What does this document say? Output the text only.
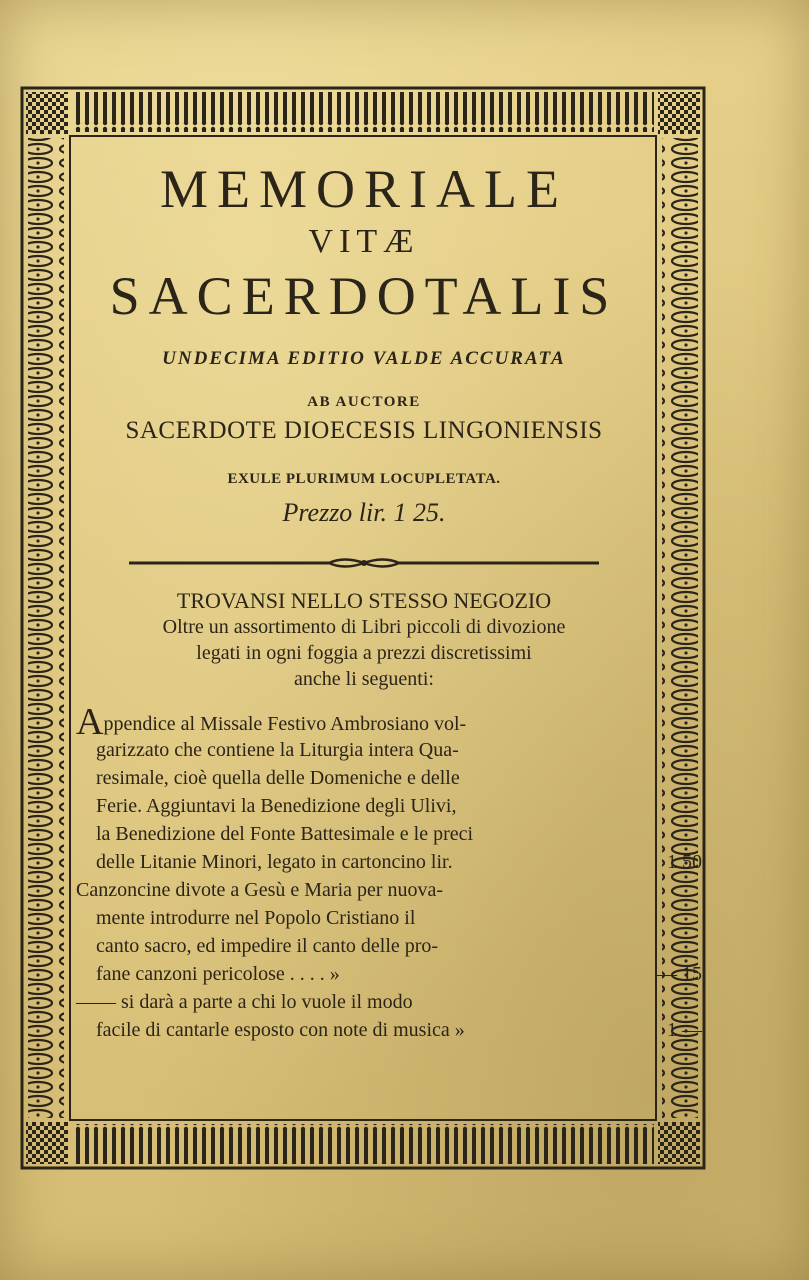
MEMORIALE
VITÆ
SACERDOTALIS
UNDECIMA EDITIO VALDE ACCURATA
AB AUCTORE
SACERDOTE DIOECESIS LINGONIENSIS
EXULE PLURIMUM LOCUPLETATA.
Prezzo lir. 1 25.
TROVANSI NELLO STESSO NEGOZIO
Oltre un assortimento di Libri piccoli di divozione
legati in ogni foggia a prezzi discretissimi
anche li seguenti:
Appendice al Missale Festivo Ambrosiano vol-
garizzato che contiene la Liturgia intera Qua-
resimale, cioè quella delle Domeniche e delle
Ferie. Aggiuntavi la Benedizione degli Ulivi,
la Benedizione del Fonte Battesimale e le preci
delle Litanie Minori, legato in cartoncino lir.	1 50
Canzoncine divote a Gesù e Maria per nuova-
mente introdurre nel Popolo Cristiano il
canto sacro, ed impedire il canto delle pro-
fane canzoni pericolose . . . . »	— 15
—— si darà a parte a chi lo vuole il modo
facile di cantarle esposto con note di musica »	1 —
